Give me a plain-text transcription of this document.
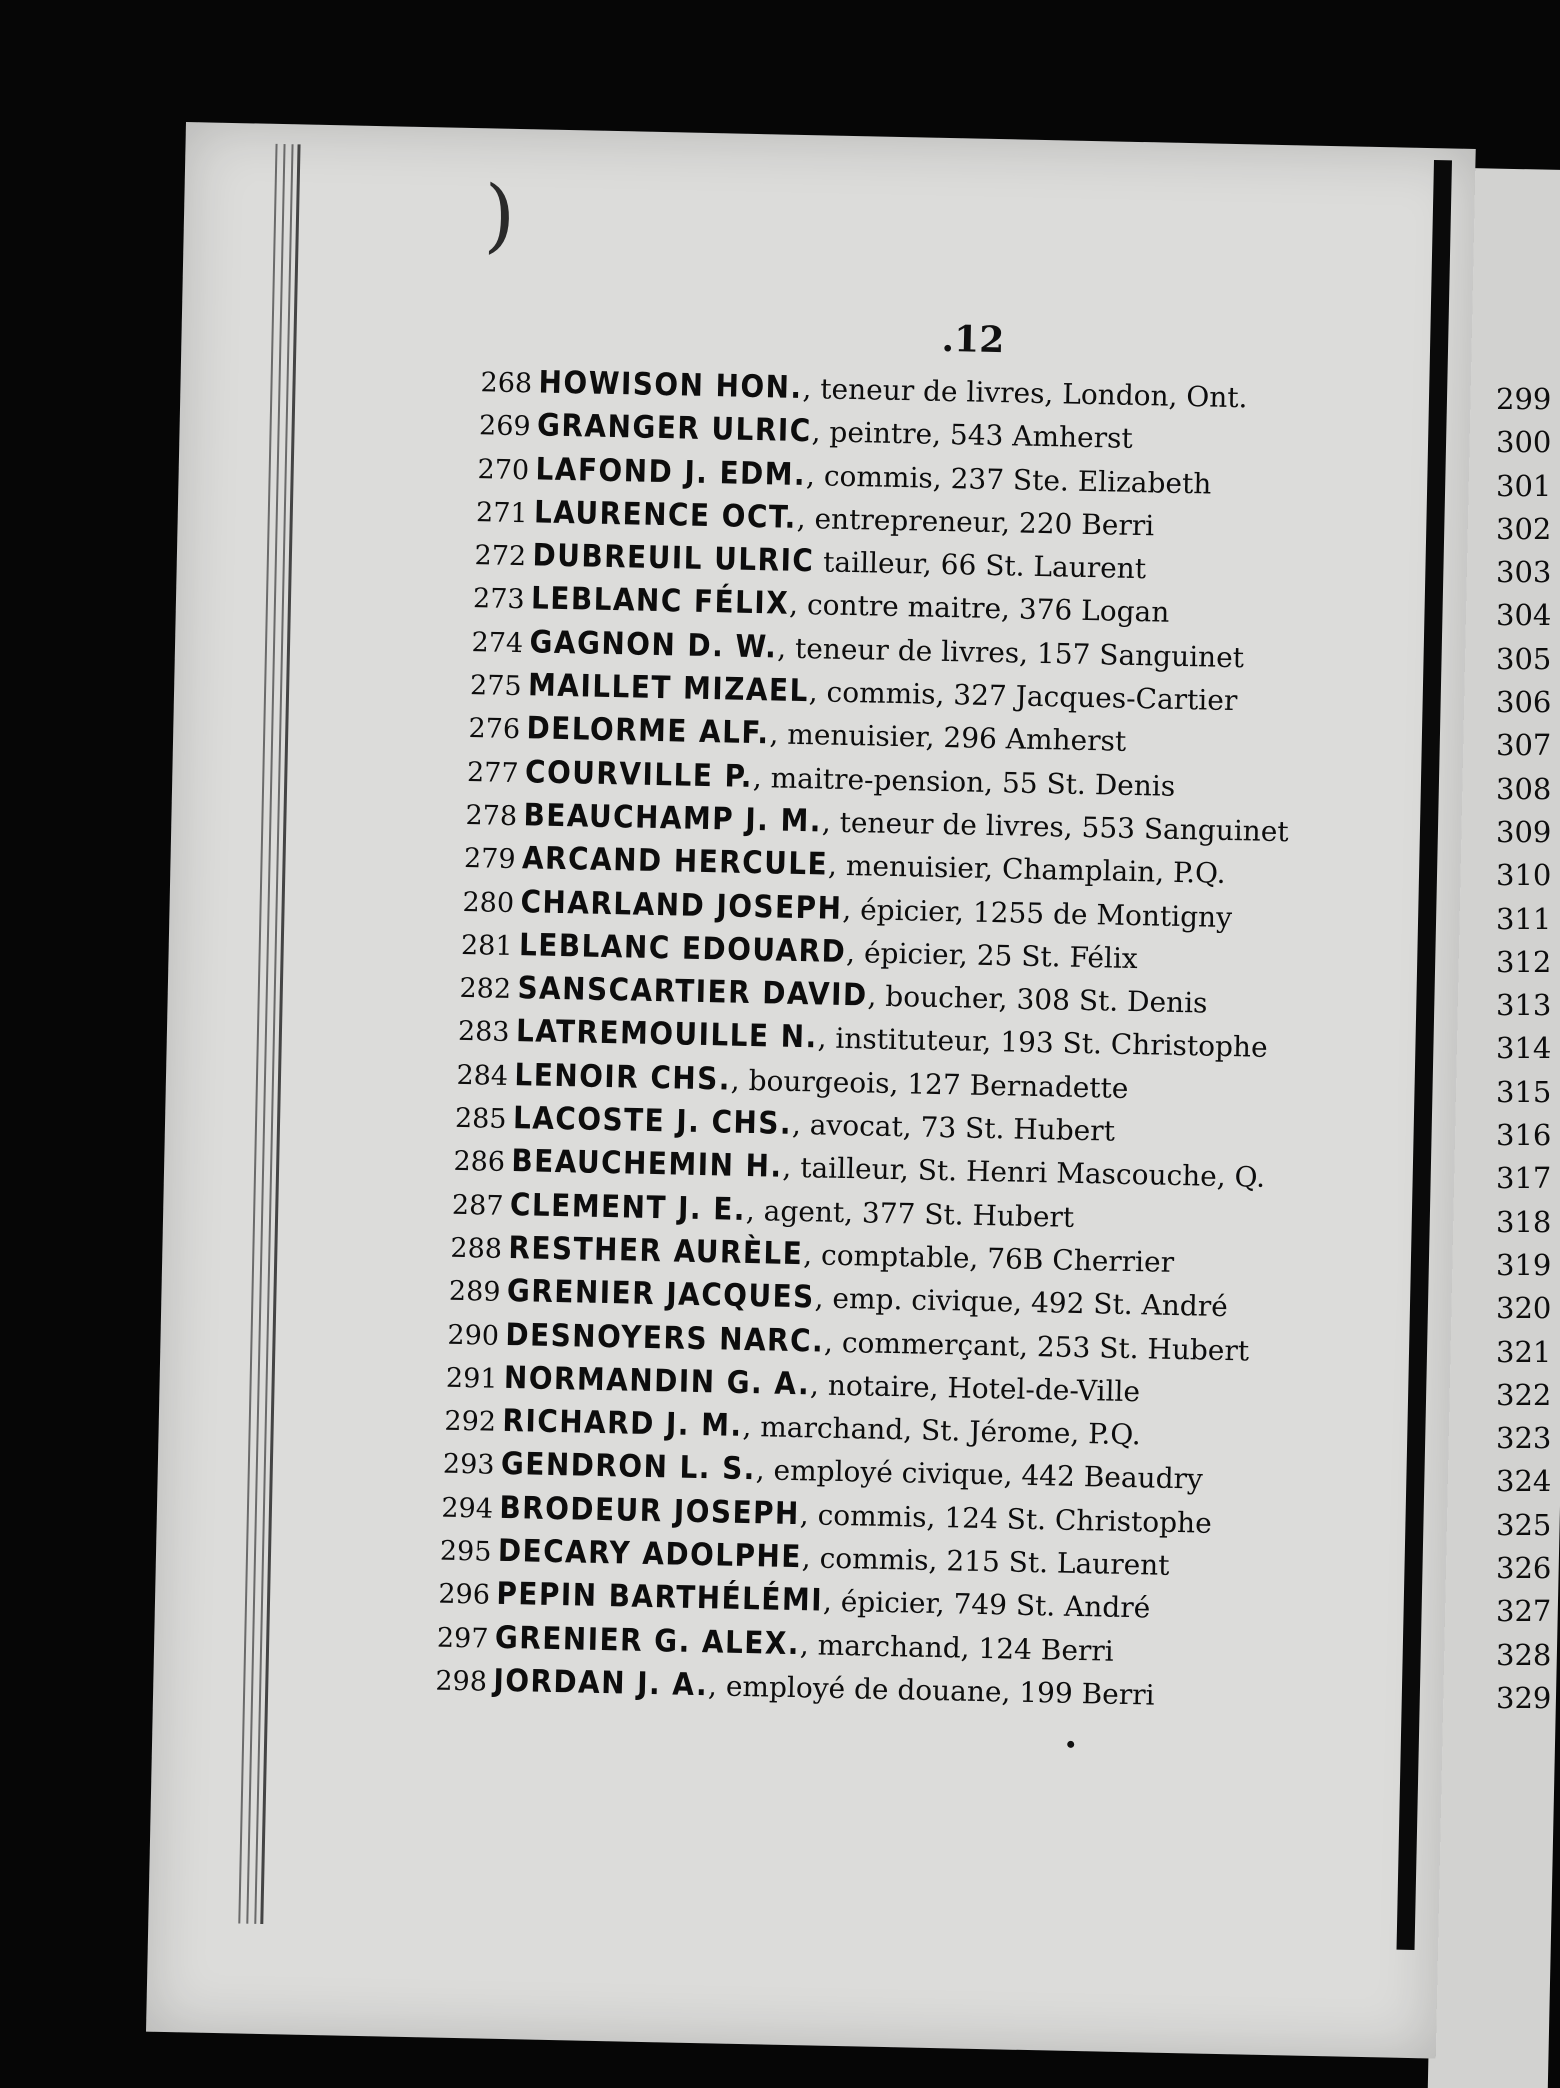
)
.12
268 HOWISON HON., teneur de livres, London, Ont.
269 GRANGER ULRIC, peintre, 543 Amherst
270 LAFOND J. EDM., commis, 237 Ste. Elizabeth
271 LAURENCE OCT., entrepreneur, 220 Berri
272 DUBREUIL ULRIC tailleur, 66 St. Laurent
273 LEBLANC FÉLIX, contre maitre, 376 Logan
274 GAGNON D. W., teneur de livres, 157 Sanguinet
275 MAILLET MIZAEL, commis, 327 Jacques-Cartier
276 DELORME ALF., menuisier, 296 Amherst
277 COURVILLE P., maitre-pension, 55 St. Denis
278 BEAUCHAMP J. M., teneur de livres, 553 Sanguinet
279 ARCAND HERCULE, menuisier, Champlain, P.Q.
280 CHARLAND JOSEPH, épicier, 1255 de Montigny
281 LEBLANC EDOUARD, épicier, 25 St. Félix
282 SANSCARTIER DAVID, boucher, 308 St. Denis
283 LATREMOUILLE N., instituteur, 193 St. Christophe
284 LENOIR CHS., bourgeois, 127 Bernadette
285 LACOSTE J. CHS., avocat, 73 St. Hubert
286 BEAUCHEMIN H., tailleur, St. Henri Mascouche, Q.
287 CLEMENT J. E., agent, 377 St. Hubert
288 RESTHER AURÈLE, comptable, 76B Cherrier
289 GRENIER JACQUES, emp. civique, 492 St. André
290 DESNOYERS NARC., commerçant, 253 St. Hubert
291 NORMANDIN G. A., notaire, Hotel-de-Ville
292 RICHARD J. M., marchand, St. Jérome, P.Q.
293 GENDRON L. S., employé civique, 442 Beaudry
294 BRODEUR JOSEPH, commis, 124 St. Christophe
295 DECARY ADOLPHE, commis, 215 St. Laurent
296 PEPIN BARTHÉLÉMI, épicier, 749 St. André
297 GRENIER G. ALEX., marchand, 124 Berri
298 JORDAN J. A., employé de douane, 199 Berri
299
300
301
302
303
304
305
306
307
308
309
310
311
312
313
314
315
316
317
318
319
320
321
322
323
324
325
326
327
328
329
